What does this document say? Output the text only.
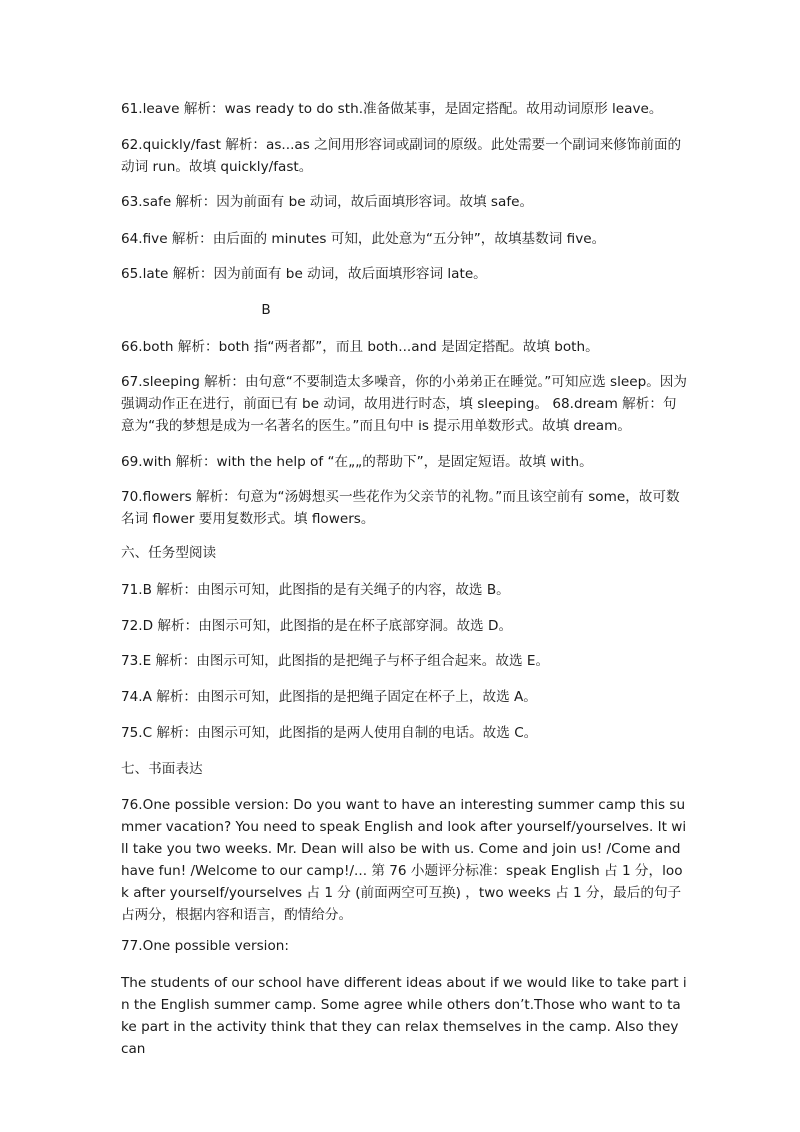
61.leave 解析：was ready to do sth.准备做某事，是固定搭配。故用动词原形 leave。

62.quickly/fast 解析：as...as 之间用形容词或副词的原级。此处需要一个副词来修饰前面的动词 run。故填 quickly/fast。

63.safe 解析：因为前面有 be 动词，故后面填形容词。故填 safe。

64.five 解析：由后面的 minutes 可知，此处意为“五分钟”，故填基数词 five。

65.late 解析：因为前面有 be 动词，故后面填形容词 late。

B

66.both 解析：both 指“两者都”，而且 both...and 是固定搭配。故填 both。

67.sleeping 解析：由句意“不要制造太多噪音，你的小弟弟正在睡觉。”可知应选 sleep。因为强调动作正在进行，前面已有 be 动词，故用进行时态，填 sleeping。 68.dream 解析：句意为“我的梦想是成为一名著名的医生。”而且句中 is 提示用单数形式。故填 dream。

69.with 解析：with the help of “在„„的帮助下”，是固定短语。故填 with。

70.flowers 解析：句意为“汤姆想买一些花作为父亲节的礼物。”而且该空前有 some，故可数名词 flower 要用复数形式。填 flowers。

六、任务型阅读

71.B 解析：由图示可知，此图指的是有关绳子的内容，故选 B。

72.D 解析：由图示可知，此图指的是在杯子底部穿洞。故选 D。

73.E 解析：由图示可知，此图指的是把绳子与杯子组合起来。故选 E。

74.A 解析：由图示可知，此图指的是把绳子固定在杯子上，故选 A。

75.C 解析：由图示可知，此图指的是两人使用自制的电话。故选 C。

七、书面表达

76.One possible version: Do you want to have an interesting summer camp this summer vacation? You need to speak English and look after yourself/yourselves. It will take you two weeks. Mr. Dean will also be with us. Come and join us! /Come and have fun! /Welcome to our camp!/... 第 76 小题评分标准：speak English 占 1 分，look after yourself/yourselves 占 1 分 (前面两空可互换) ，two weeks 占 1 分，最后的句子占两分，根据内容和语言，酌情给分。

77.One possible version:

The students of our school have different ideas about if we would like to take part in the English summer camp. Some agree while others don’t.Those who want to take part in the activity think that they can relax themselves in the camp. Also they can
